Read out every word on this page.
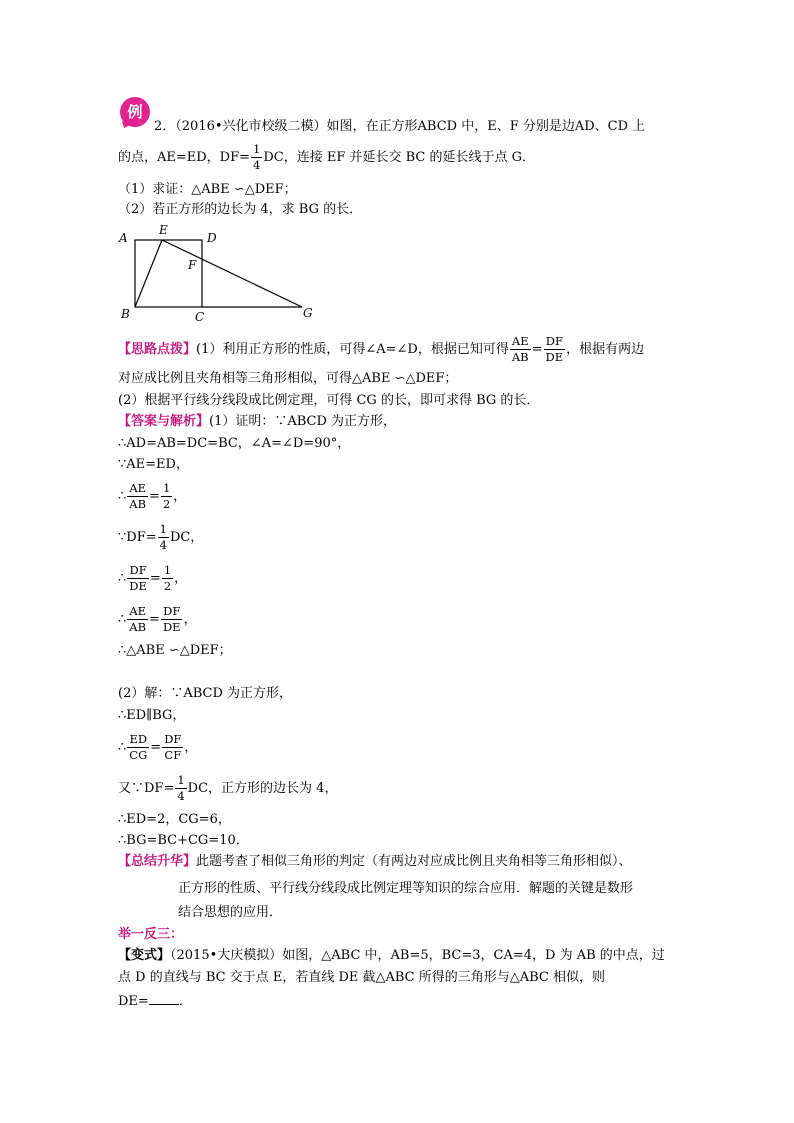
例
2．（2016•兴化市校级二模）如图，在正方形ABCD 中，E、F 分别是边AD、CD 上
的点，AE=ED，$DF= \frac{1}{4}$ DC，连接 EF 并延长交 BC 的延长线于点 G．
（1）求证：△ABE ∽△DEF；
（2）若正方形的边长为 4，求 BG 的长．
A
E
D
F
B	C	G
【思路点拨】(1）利用正方形的性质，可得∠A=∠D，根据已知可得 $\frac{AE}{AB} = \frac{DF}{DE}$ ，根据有两边
对应成比例且夹角相等三角形相似，可得△ABE ∽△DEF；
(2）根据平行线分线段成比例定理，可得 CG 的长，即可求得 BG 的长．
【答案与解析】(1）证明：∵ABCD 为正方形，
∴AD=AB=DC=BC，∠A=∠D=90°，
∵AE=ED，
∴ $\frac{AE}{AB} = \frac{1}{2}$ ，
∵DF= $\frac{1}{4}$ DC，
∴ $\frac{DF}{DE} = \frac{1}{2}$ ，
∴ $\frac{AE}{AB} = \frac{DF}{DE}$ ，
∴△ABE ∽△DEF；
(2）解：∵ABCD 为正方形，
∴ED∥BG，
∴ $\frac{ED}{CG} = \frac{DF}{CF}$ ，
又∵DF= $\frac{1}{4}$ DC，正方形的边长为 4，
∴ED=2，CG=6，
∴BG=BC+CG=10．
【总结升华】此题考查了相似三角形的判定（有两边对应成比例且夹角相等三角形相似）、
正方形的性质、平行线分线段成比例定理等知识的综合应用．解题的关键是数形
结合思想的应用．
举一反三：
【变式】（2015•大庆模拟）如图，△ABC 中，AB=5，BC=3，CA=4，D 为 AB 的中点，过
点 D 的直线与 BC 交于点 E，若直线 DE 截△ABC 所得的三角形与△ABC 相似，则
DE= ．
